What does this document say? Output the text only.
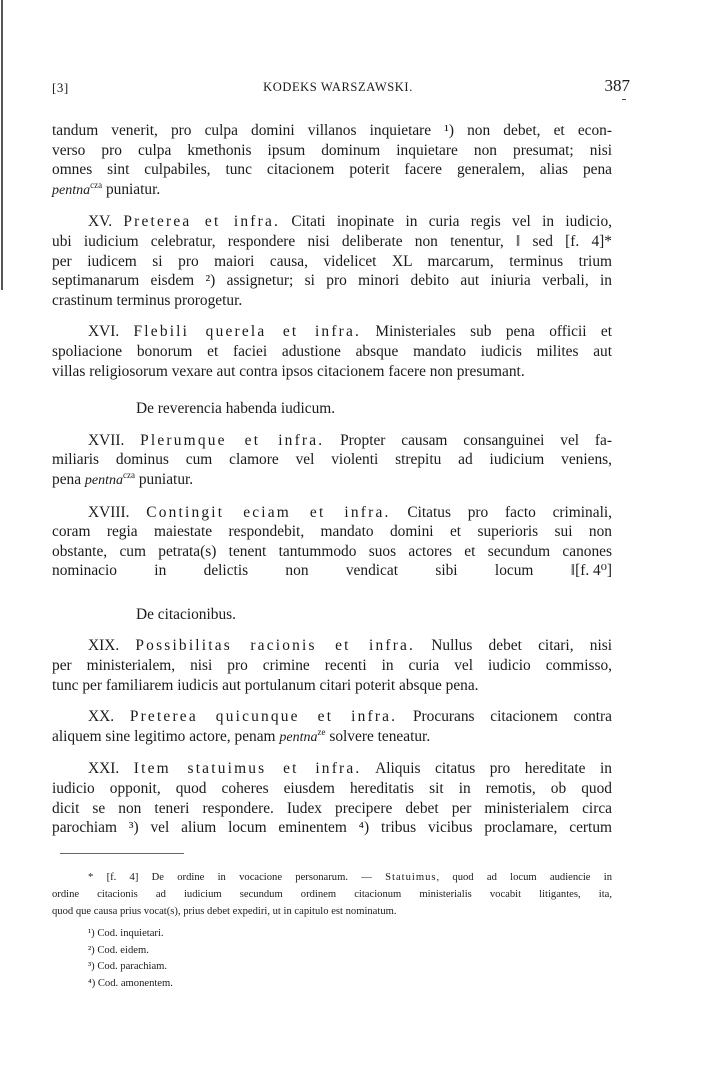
[3]	KODEKS WARSZAWSKI.	387
tandum venerit, pro culpa domini villanos inquietare ¹) non debet, et econ-
verso pro culpa kmethonis ipsum dominum inquietare non presumat; nisi
omnes sint culpabiles, tunc citacionem poterit facere generalem, alias pena
pentna$^{cza}$ puniatur.
XV. Preterea et infra. Citati inopinate in curia regis vel in iudicio,
ubi iudicium celebratur, respondere nisi deliberate non tenentur, ‖ sed [f. 4]*
per iudicem si pro maiori causa, videlicet XL marcarum, terminus trium
septimanarum eisdem ²) assignetur; si pro minori debito aut iniuria verbali, in
crastinum terminus prorogetur.
XVI. Flebili querela et infra. Ministeriales sub pena officii et
spoliacione bonorum et faciei adustione absque mandato iudicis milites aut
villas religiosorum vexare aut contra ipsos citacionem facere non presumant.
De reverencia habenda iudicum.
XVII. Plerumque et infra. Propter causam consanguinei vel fa-
miliaris dominus cum clamore vel violenti strepitu ad iudicium veniens,
pena pentna$^{cza}$ puniatur.
XVIII. Contingit eciam et infra. Citatus pro facto criminali,
coram regia maiestate respondebit, mandato domini et superioris sui non
obstante, cum petrata(s) tenent tantummodo suos actores et secundum canones
nominacio in delictis non vendicat sibi locum ‖ [f. 4⁰]
De citacionibus.
XIX. Possibilitas racionis et infra. Nullus debet citari, nisi
per ministerialem, nisi pro crimine recenti in curia vel iudicio commisso,
tunc per familiarem iudicis aut portulanum citari poterit absque pena.
XX. Preterea quicunque et infra. Procurans citacionem contra
aliquem sine legitimo actore, penam pentna$^{ze}$ solvere teneatur.
XXI. Item statuimus et infra. Aliquis citatus pro hereditate in
iudicio opponit, quod coheres eiusdem hereditatis sit in remotis, ob quod
dicit se non teneri respondere. Iudex precipere debet per ministerialem circa
parochiam ³) vel alium locum eminentem ⁴) tribus vicibus proclamare, certum
* [f. 4] De ordine in vocacione personarum. — Statuimus, quod ad locum audiencie in
ordine citacionis ad iudicium secundum ordinem citacionum ministerialis vocabit litigantes, ita,
quod que causa prius vocat(s), prius debet expediri, ut in capitulo est nominatum.
¹) Cod. inquietari.
²) Cod. eidem.
³) Cod. parachiam.
⁴) Cod. amonentem.
